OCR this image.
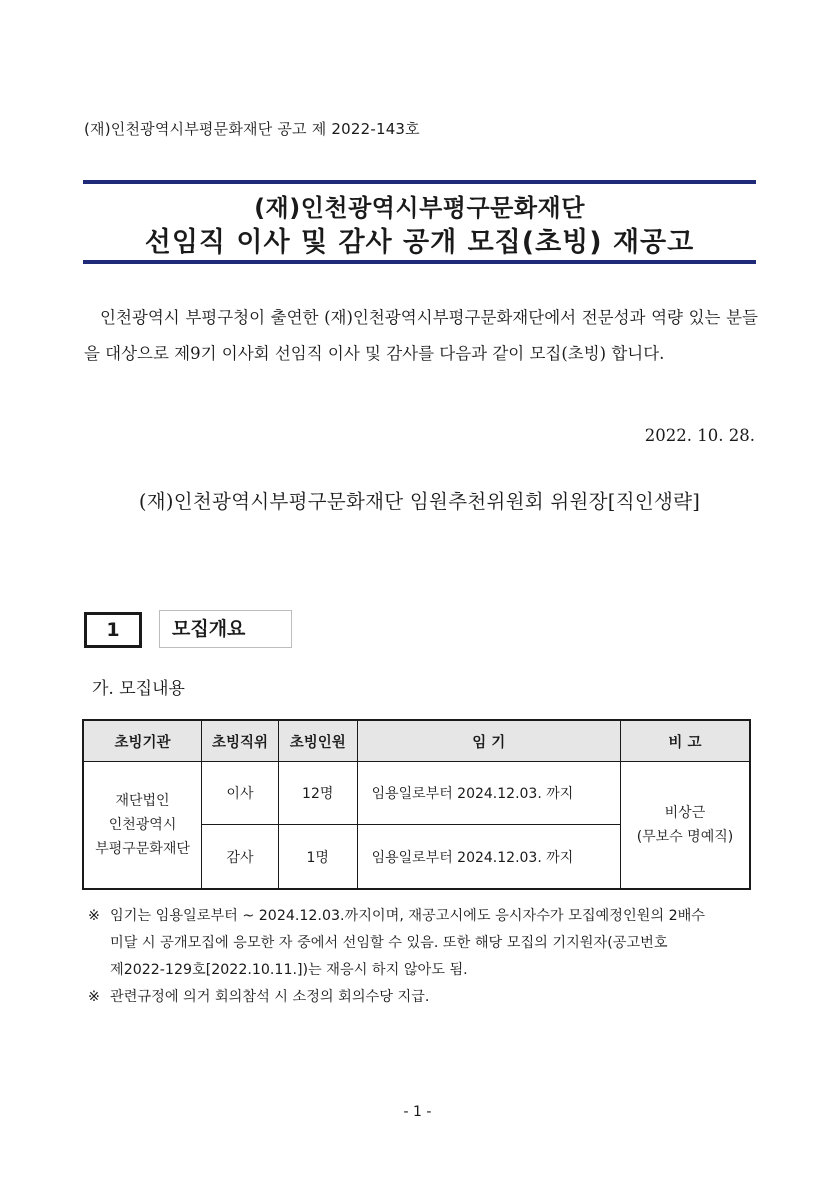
(재)인천광역시부평문화재단 공고 제 2022-143호
(재)인천광역시부평구문화재단
선임직 이사 및 감사 공개 모집(초빙) 재공고
인천광역시 부평구청이 출연한 (재)인천광역시부평구문화재단에서 전문성과 역량 있는 분들을 대상으로 제9기 이사회 선임직 이사 및 감사를 다음과 같이 모집(초빙) 합니다.
2022. 10. 28.
(재)인천광역시부평구문화재단 임원추천위원회 위원장[직인생략]
1	모집개요
가. 모집내용
초빙기관	초빙직위	초빙인원	임 기	비 고

재단법인
인천광역시
부평구문화재단	이사	12명	임용일로부터 2024.12.03. 까지	비상근
(무보수 명예직)

	감사	1명	임용일로부터 2024.12.03. 까지	
※ 임기는 임용일로부터 ~ 2024.12.03.까지이며, 재공고시에도 응시자수가 모집예정인원의 2배수
미달 시 공개모집에 응모한 자 중에서 선임할 수 있음. 또한 해당 모집의 기지원자(공고번호
제2022-129호[2022.10.11.])는 재응시 하지 않아도 됨.
※ 관련규정에 의거 회의참석 시 소정의 회의수당 지급.
- 1 -
